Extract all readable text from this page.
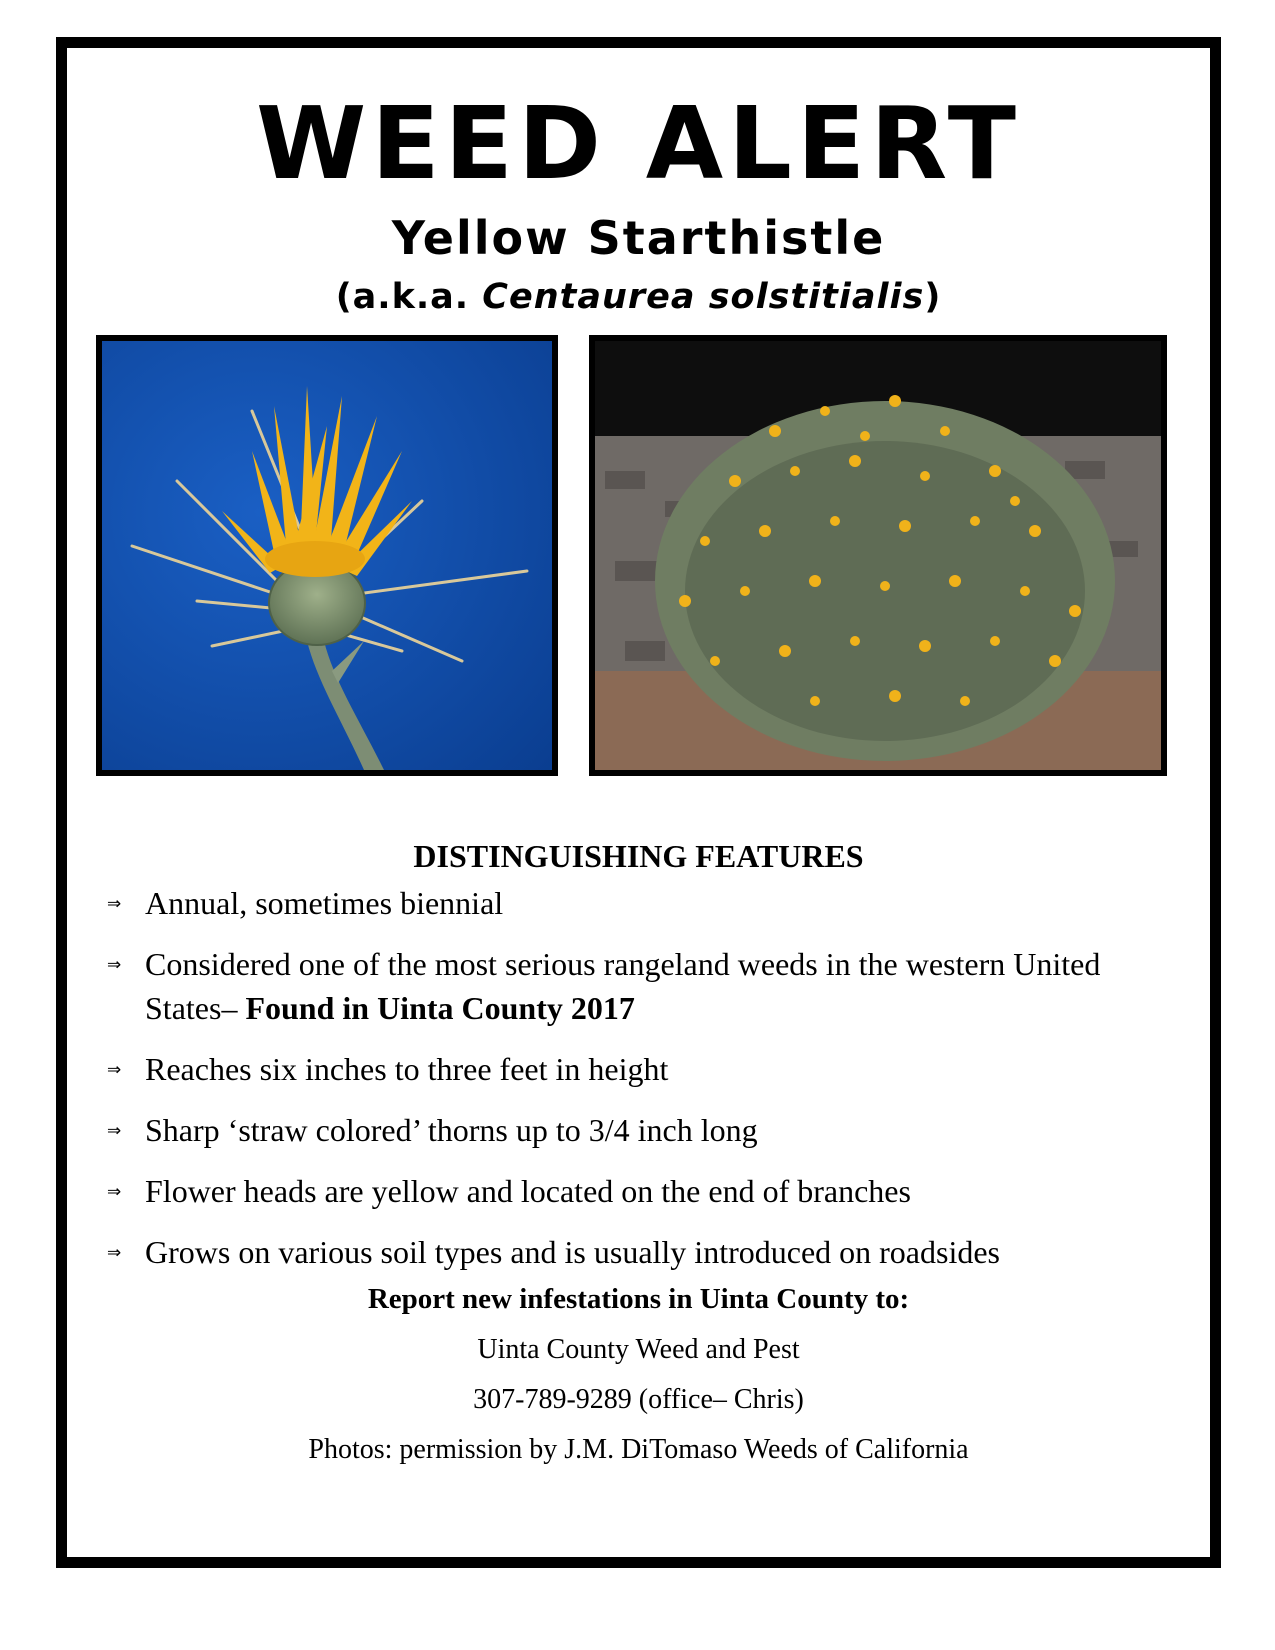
WEED ALERT
Yellow Starthistle
(a.k.a. Centaurea solstitialis)
DISTINGUISHING FEATURES
⇒ Annual, sometimes biennial
⇒ Considered one of the most serious rangeland weeds in the western United States– Found in Uinta County 2017
⇒ Reaches six inches to three feet in height
⇒ Sharp ‘straw colored’ thorns up to 3/4 inch long
⇒ Flower heads are yellow and located on the end of branches
⇒ Grows on various soil types and is usually introduced on roadsides
Report new infestations in Uinta County to:
Uinta County Weed and Pest
307-789-9289 (office– Chris)
Photos: permission by J.M. DiTomaso Weeds of California
